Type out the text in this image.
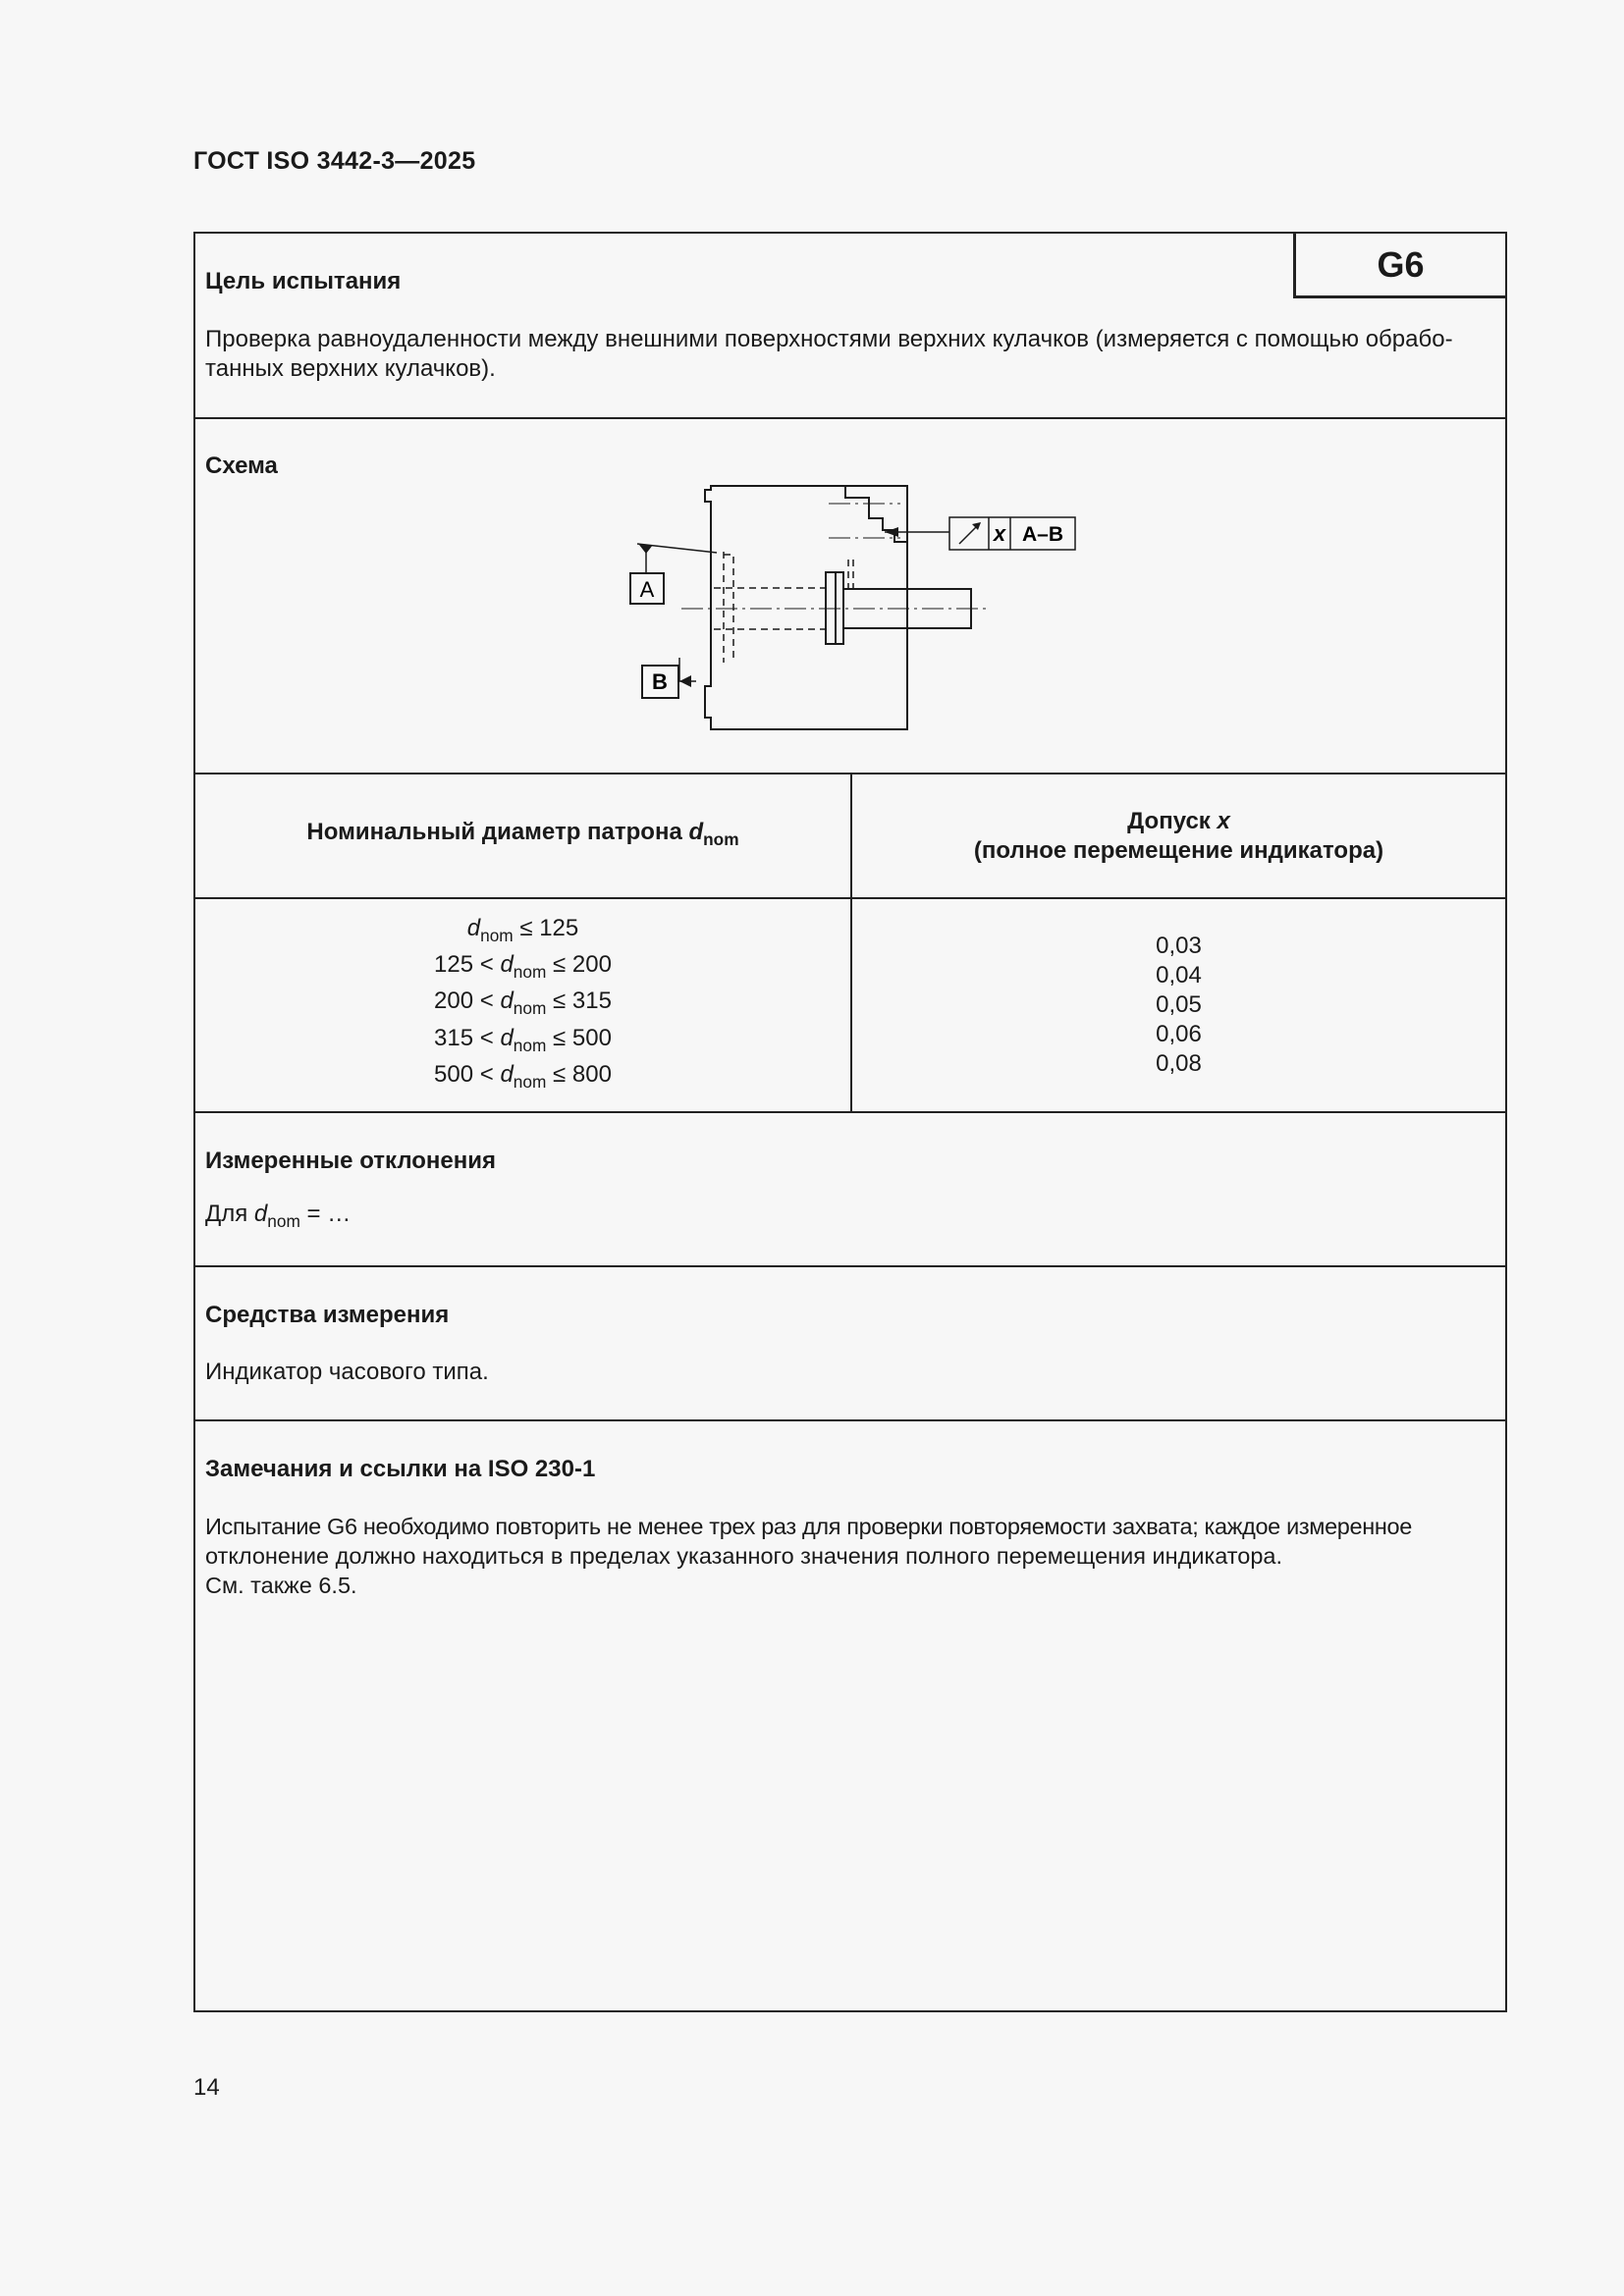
ГОСТ ISO 3442-3—2025
G6
Цель испытания
Проверка равноудаленности между внешними поверхностями верхних кулачков (измеряется с помощью обработанных верхних кулачков).
Схема
A
B
x A–B
Номинальный диаметр патрона $d_{nom}$
Допуск x
(полное перемещение индикатора)
$d_{nom} \le 125$
$125 < d_{nom} \le 200$
$200 < d_{nom} \le 315$
$315 < d_{nom} \le 500$
$500 < d_{nom} \le 800$
0,03
0,04
0,05
0,06
0,08
Измеренные отклонения
Для $d_{nom}$ = …
Средства измерения
Индикатор часового типа.
Замечания и ссылки на ISO 230-1
Испытание G6 необходимо повторить не менее трех раз для проверки повторяемости захвата; каждое измеренное
отклонение должно находиться в пределах указанного значения полного перемещения индикатора.
См. также 6.5.
14
